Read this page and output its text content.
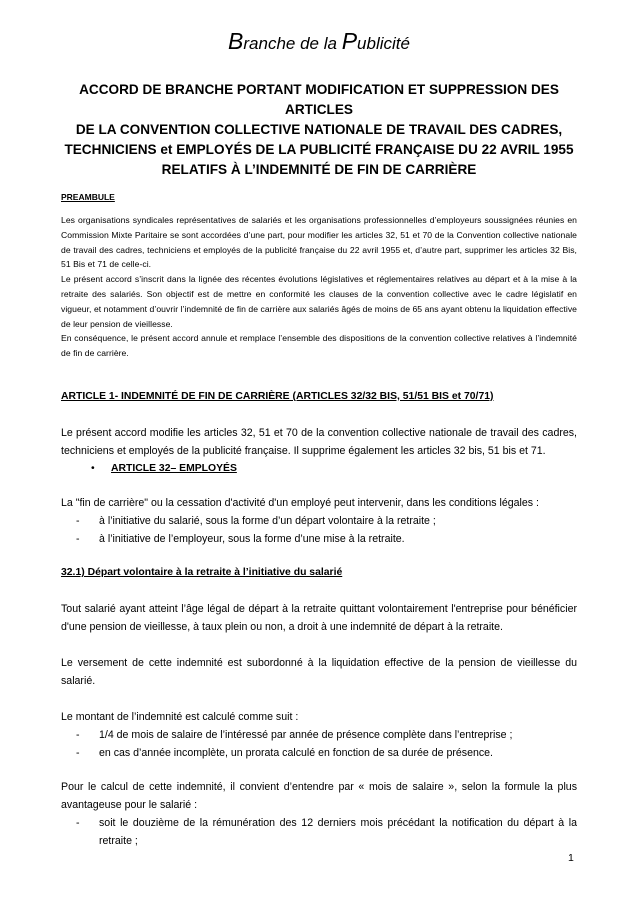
Branche de la Publicité
ACCORD DE BRANCHE PORTANT MODIFICATION ET SUPPRESSION DES ARTICLES
DE LA CONVENTION COLLECTIVE NATIONALE DE TRAVAIL DES CADRES,
TECHNICIENS et EMPLOYÉS DE LA PUBLICITÉ FRANÇAISE DU 22 AVRIL 1955
RELATIFS À L’INDEMNITÉ DE FIN DE CARRIÈRE
PREAMBULE

Les organisations syndicales représentatives de salariés et les organisations professionnelles d’employeurs soussignées réunies en Commission Mixte Paritaire se sont accordées d’une part, pour modifier les articles 32, 51 et 70 de la Convention collective nationale de travail des cadres, techniciens et employés de la publicité française du 22 avril 1955 et, d’autre part, supprimer les articles 32 Bis, 51 Bis et 71 de celle-ci.

Le présent accord s’inscrit dans la lignée des récentes évolutions législatives et réglementaires relatives au départ et à la mise à la retraite des salariés. Son objectif est de mettre en conformité les clauses de la convention collective avec le cadre législatif en vigueur, et notamment d’ouvrir l’indemnité de fin de carrière aux salariés âgés de moins de 65 ans ayant obtenu la liquidation effective de leur pension de vieillesse.

En conséquence, le présent accord annule et remplace l’ensemble des dispositions de la convention collective relatives à l’indemnité de fin de carrière.

ARTICLE 1- INDEMNITÉ DE FIN DE CARRIÈRE (ARTICLES 32/32 BIS, 51/51 BIS et 70/71)

Le présent accord modifie les articles 32, 51 et 70 de la convention collective nationale de travail des cadres, techniciens et employés de la publicité française. Il supprime également les articles 32 bis, 51 bis et 71.

• ARTICLE 32– EMPLOYÉS

La "fin de carrière" ou la cessation d'activité d'un employé peut intervenir, dans les conditions légales :

- à l’initiative du salarié, sous la forme d’un départ volontaire à la retraite ;
- à l’initiative de l’employeur, sous la forme d’une mise à la retraite.

32.1) Départ volontaire à la retraite à l’initiative du salarié

Tout salarié ayant atteint l’âge légal de départ à la retraite quittant volontairement l'entreprise pour bénéficier d'une pension de vieillesse, à taux plein ou non, a droit à une indemnité de départ à la retraite.

Le versement de cette indemnité est subordonné à la liquidation effective de la pension de vieillesse du salarié.

Le montant de l’indemnité est calculé comme suit :

- 1/4 de mois de salaire de l’intéressé par année de présence complète dans l’entreprise ;
- en cas d’année incomplète, un prorata calculé en fonction de sa durée de présence.

Pour le calcul de cette indemnité, il convient d’entendre par « mois de salaire », selon la formule la plus avantageuse pour le salarié :

- soit le douzième de la rémunération des 12 derniers mois précédant la notification du départ à la retraite ;
1
